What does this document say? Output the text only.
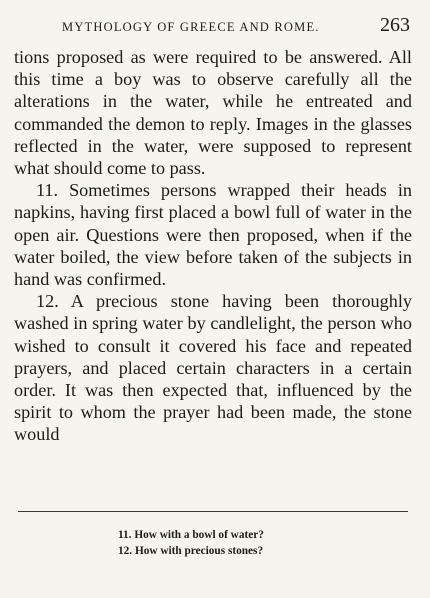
MYTHOLOGY OF GREECE AND ROME.	263

tions proposed as were required to be answered. All this time a boy was to observe carefully all the alterations in the water, while he entreated and commanded the demon to reply. Images in the glasses reflected in the water, were supposed to represent what should come to pass.

11. Sometimes persons wrapped their heads in napkins, having first placed a bowl full of water in the open air. Questions were then proposed, when if the water boiled, the view before taken of the subjects in hand was confirmed.

12. A precious stone having been thoroughly washed in spring water by candlelight, the person who wished to consult it covered his face and repeated prayers, and placed certain characters in a certain order. It was then expected that, influenced by the spirit to whom the prayer had been made, the stone would

11. How with a bowl of water?
12. How with precious stones?
